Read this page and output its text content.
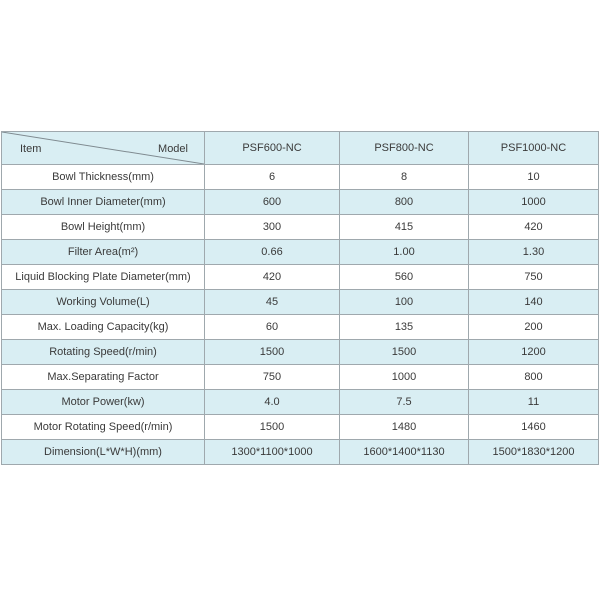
Item Model	PSF600-NC	PSF800-NC	PSF1000-NC
Bowl Thickness(mm)	6	8	10
Bowl Inner Diameter(mm)	600	800	1000
Bowl Height(mm)	300	415	420
Filter Area(m²)	0.66	1.00	1.30
Liquid Blocking Plate Diameter(mm)	420	560	750
Working Volume(L)	45	100	140
Max. Loading Capacity(kg)	60	135	200
Rotating Speed(r/min)	1500	1500	1200
Max.Separating Factor	750	1000	800
Motor Power(kw)	4.0	7.5	11
Motor Rotating Speed(r/min)	1500	1480	1460
Dimension(L*W*H)(mm)	1300*1100*1000	1600*1400*1130	1500*1830*1200
